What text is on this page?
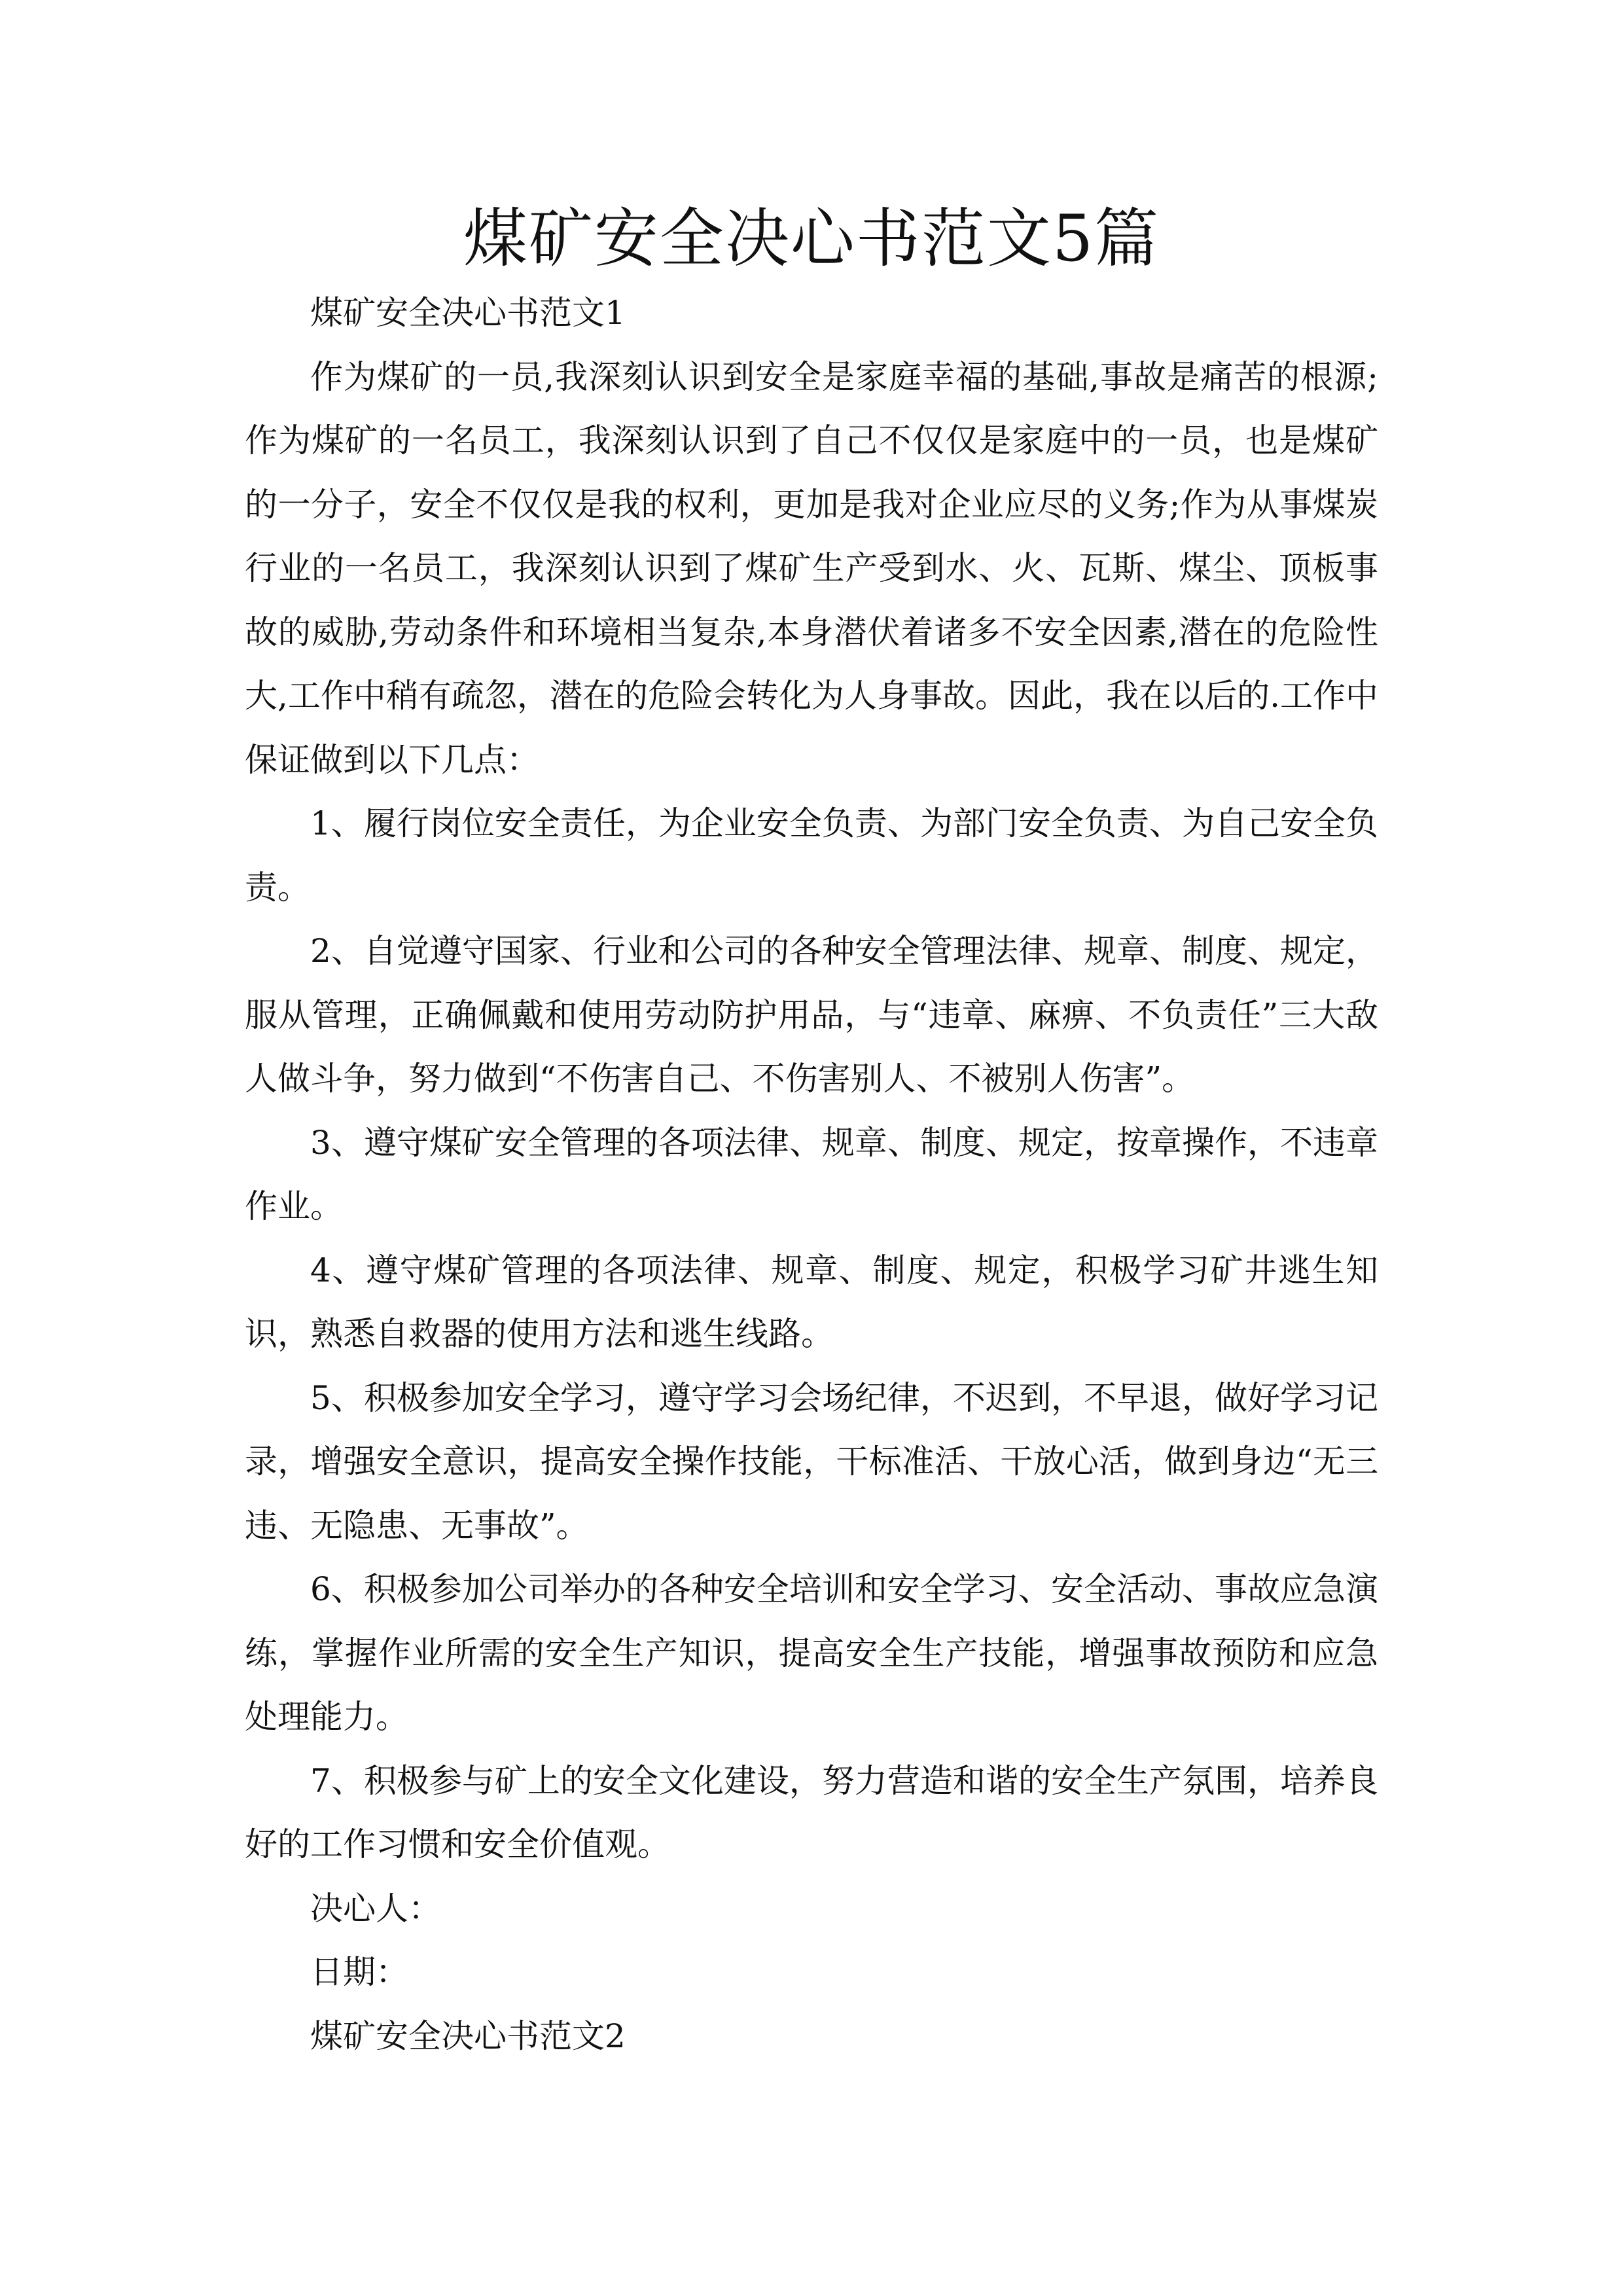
煤矿安全决心书范文5篇

煤矿安全决心书范文1

作为煤矿的一员,我深刻认识到安全是家庭幸福的基础,事故是痛苦的根源;作为煤矿的一名员工，我深刻认识到了自己不仅仅是家庭中的一员，也是煤矿的一分子，安全不仅仅是我的权利，更加是我对企业应尽的义务;作为从事煤炭行业的一名员工，我深刻认识到了煤矿生产受到水、火、瓦斯、煤尘、顶板事故的威胁,劳动条件和环境相当复杂,本身潜伏着诸多不安全因素,潜在的危险性大,工作中稍有疏忽，潜在的危险会转化为人身事故。因此，我在以后的.工作中保证做到以下几点：

1、履行岗位安全责任，为企业安全负责、为部门安全负责、为自己安全负责。

2、自觉遵守国家、行业和公司的各种安全管理法律、规章、制度、规定，服从管理，正确佩戴和使用劳动防护用品，与“违章、麻痹、不负责任”三大敌人做斗争，努力做到“不伤害自己、不伤害别人、不被别人伤害”。

3、遵守煤矿安全管理的各项法律、规章、制度、规定，按章操作，不违章作业。

4、遵守煤矿管理的各项法律、规章、制度、规定，积极学习矿井逃生知识，熟悉自救器的使用方法和逃生线路。

5、积极参加安全学习，遵守学习会场纪律，不迟到，不早退，做好学习记录，增强安全意识，提高安全操作技能，干标准活、干放心活，做到身边“无三违、无隐患、无事故”。

6、积极参加公司举办的各种安全培训和安全学习、安全活动、事故应急演练，掌握作业所需的安全生产知识，提高安全生产技能，增强事故预防和应急处理能力。

7、积极参与矿上的安全文化建设，努力营造和谐的安全生产氛围，培养良好的工作习惯和安全价值观。

决心人：

日期：

煤矿安全决心书范文2
